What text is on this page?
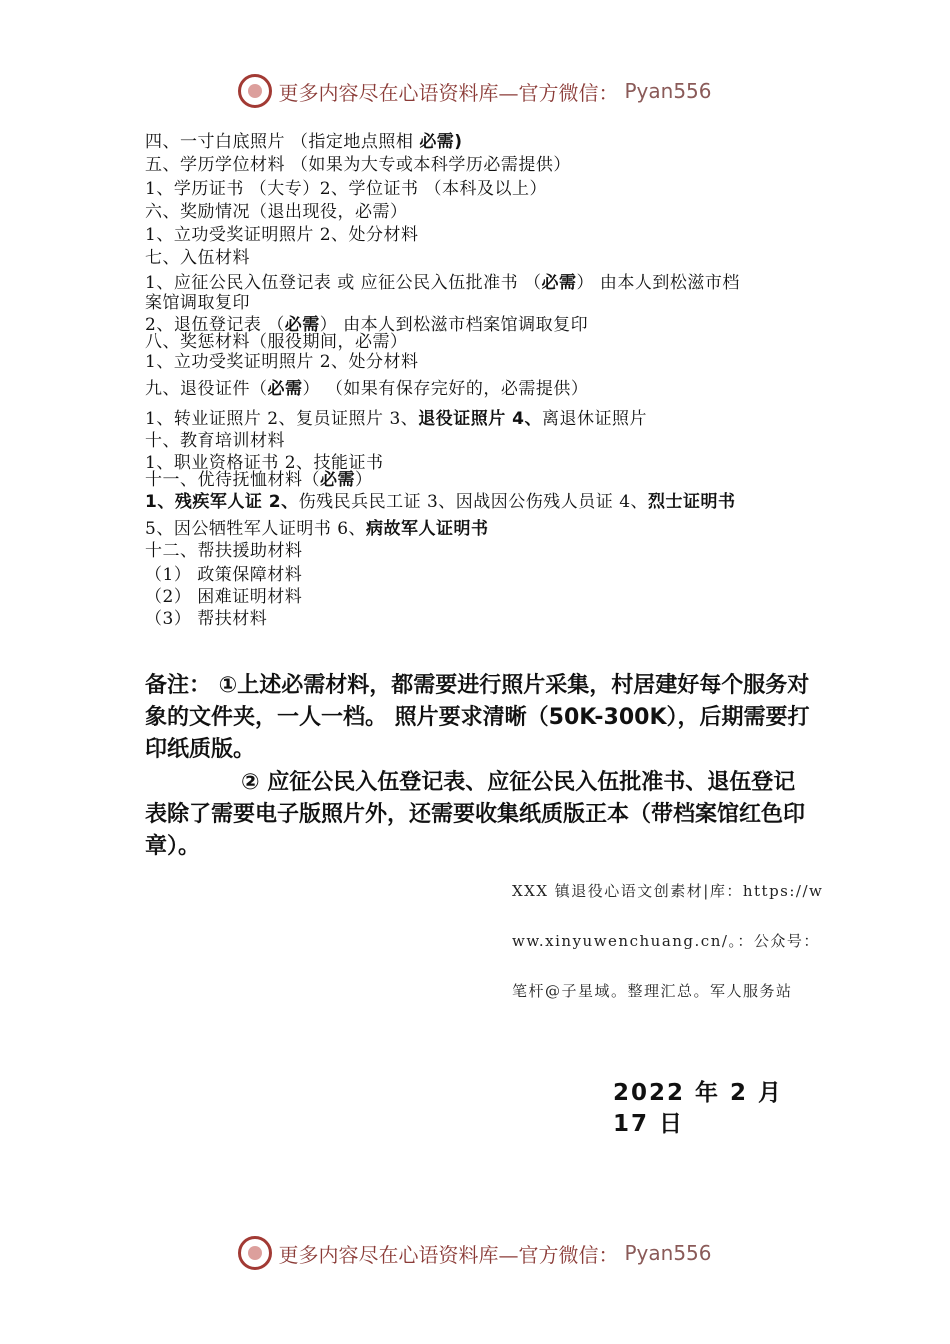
更多内容尽在心语资料库—官方微信： Pyan556
四、一寸白底照片 （指定地点照相 必需)
五、学历学位材料 （如果为大专或本科学历必需提供）
1、学历证书 （大专）2、学位证书 （本科及以上）
六、奖励情况（退出现役，必需）
1、立功受奖证明照片 2、处分材料
七、入伍材料
1、应征公民入伍登记表 或 应征公民入伍批准书 （必需） 由本人到松滋市档
案馆调取复印
2、退伍登记表 （必需） 由本人到松滋市档案馆调取复印
八、奖惩材料（服役期间，必需）
1、立功受奖证明照片 2、处分材料
九、退役证件（必需） （如果有保存完好的，必需提供）
1、转业证照片 2、复员证照片 3、退役证照片 4、离退休证照片
十、教育培训材料
1、职业资格证书 2、技能证书
十一、优待抚恤材料（必需）
1、残疾军人证 2、伤残民兵民工证 3、因战因公伤残人员证 4、烈士证明书
5、因公牺牲军人证明书 6、病故军人证明书
十二、帮扶援助材料
（1） 政策保障材料
（2） 困难证明材料
（3） 帮扶材料
备注： ①上述必需材料，都需要进行照片采集，村居建好每个服务对象的文件夹，一人一档。 照片要求清晰（50K-300K），后期需要打印纸质版。
② 应征公民入伍登记表、应征公民入伍批准书、退伍登记表除了需要电子版照片外，还需要收集纸质版正本（带档案馆红色印章）。
XXX 镇退役心语文创素材|库：https://www.xinyuwenchuang.cn/。：公众号：笔杆@子星域。整理汇总。军人服务站
2022 年 2 月 17 日
更多内容尽在心语资料库—官方微信： Pyan556
